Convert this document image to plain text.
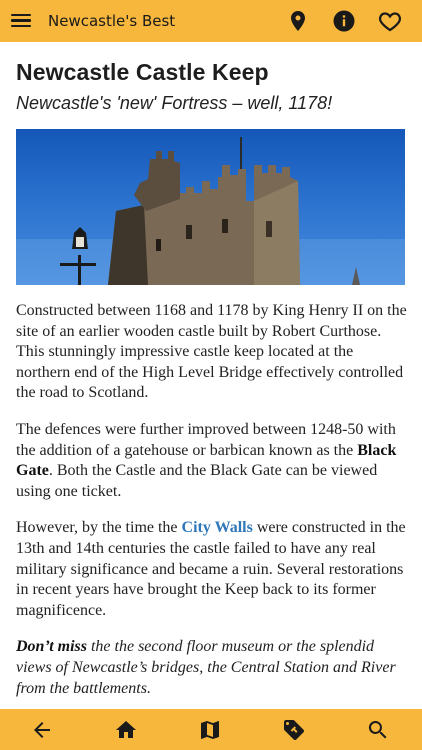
Newcastle's Best
Newcastle Castle Keep
Newcastle's 'new' Fortress – well, 1178!

Constructed between 1168 and 1178 by King Henry II on the site of an earlier wooden castle built by Robert Curthose. This stunningly impressive castle keep located at the northern end of the High Level Bridge effectively controlled the road to Scotland.

The defences were further improved between 1248-50 with the addition of a gatehouse or barbican known as the Black Gate. Both the Castle and the Black Gate can be viewed using one ticket.

However, by the time the City Walls were constructed in the 13th and 14th centuries the castle failed to have any real military significance and became a ruin. Several restorations in recent years have brought the Keep back to its former magnificence.

Don’t miss the the second floor museum or the splendid views of Newcastle’s bridges, the Central Station and River from the battlements.
